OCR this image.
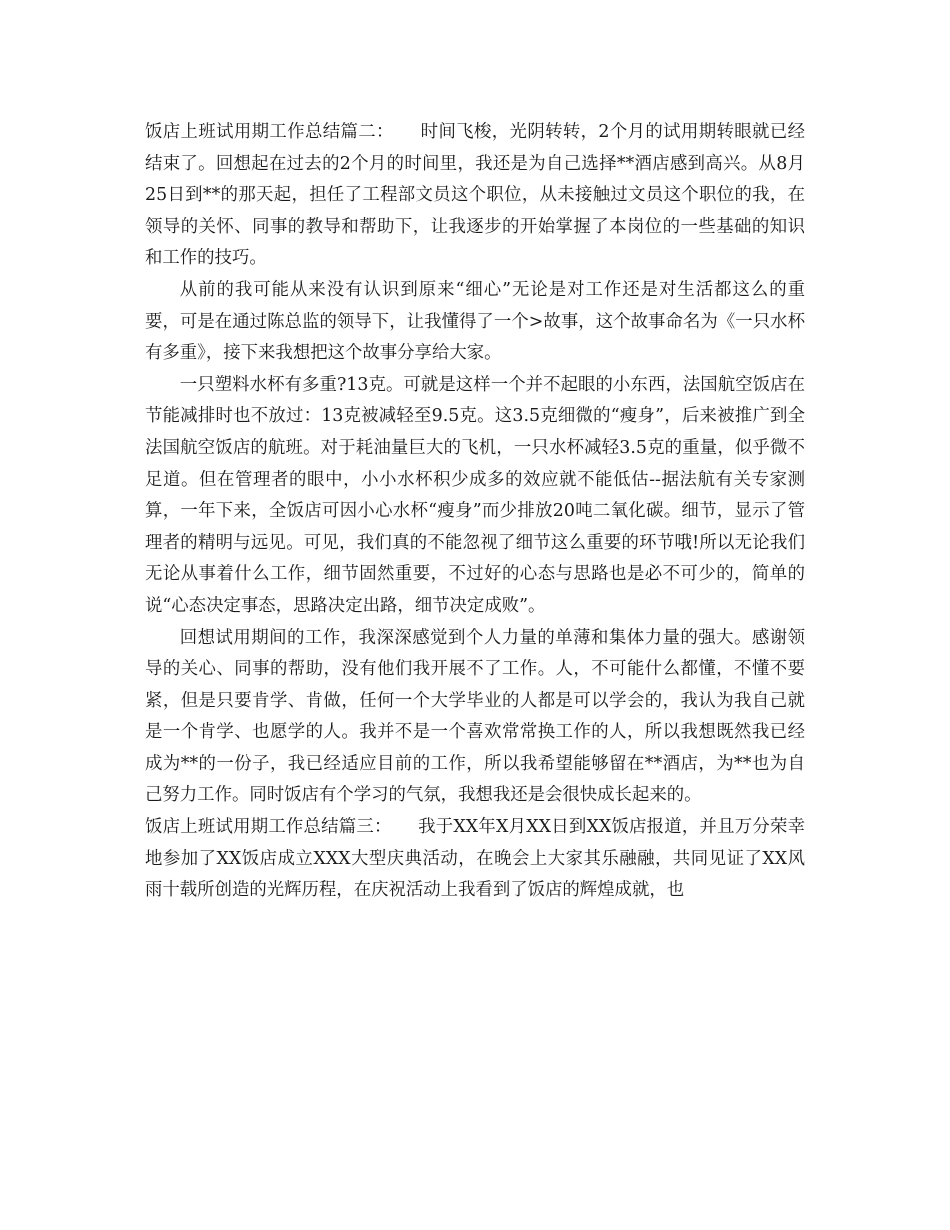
饭店上班试用期工作总结篇二：　　时间飞梭，光阴转转，2个月的试用期转眼就已经结束了。回想起在过去的2个月的时间里，我还是为自己选择**酒店感到高兴。从8月25日到**的那天起，担任了工程部文员这个职位，从未接触过文员这个职位的我，在领导的关怀、同事的教导和帮助下，让我逐步的开始掌握了本岗位的一些基础的知识和工作的技巧。

从前的我可能从来没有认识到原来“细心”无论是对工作还是对生活都这么的重要，可是在通过陈总监的领导下，让我懂得了一个>故事，这个故事命名为《一只水杯有多重》，接下来我想把这个故事分享给大家。

一只塑料水杯有多重?13克。可就是这样一个并不起眼的小东西，法国航空饭店在节能减排时也不放过：13克被减轻至9.5克。这3.5克细微的“瘦身”，后来被推广到全法国航空饭店的航班。对于耗油量巨大的飞机，一只水杯减轻3.5克的重量，似乎微不足道。但在管理者的眼中，小小水杯积少成多的效应就不能低估--据法航有关专家测算，一年下来，全饭店可因小心水杯“瘦身”而少排放20吨二氧化碳。细节，显示了管理者的精明与远见。可见，我们真的不能忽视了细节这么重要的环节哦!所以无论我们无论从事着什么工作，细节固然重要，不过好的心态与思路也是必不可少的，简单的说“心态决定事态，思路决定出路，细节决定成败”。

回想试用期间的工作，我深深感觉到个人力量的单薄和集体力量的强大。感谢领导的关心、同事的帮助，没有他们我开展不了工作。人，不可能什么都懂，不懂不要紧，但是只要肯学、肯做，任何一个大学毕业的人都是可以学会的，我认为我自己就是一个肯学、也愿学的人。我并不是一个喜欢常常换工作的人，所以我想既然我已经成为**的一份子，我已经适应目前的工作，所以我希望能够留在**酒店，为**也为自己努力工作。同时饭店有个学习的气氛，我想我还是会很快成长起来的。

饭店上班试用期工作总结篇三：　　我于XX年X月XX日到XX饭店报道，并且万分荣幸地参加了XX饭店成立XXX大型庆典活动，在晚会上大家其乐融融，共同见证了XX风雨十载所创造的光辉历程，在庆祝活动上我看到了饭店的辉煌成就，也
